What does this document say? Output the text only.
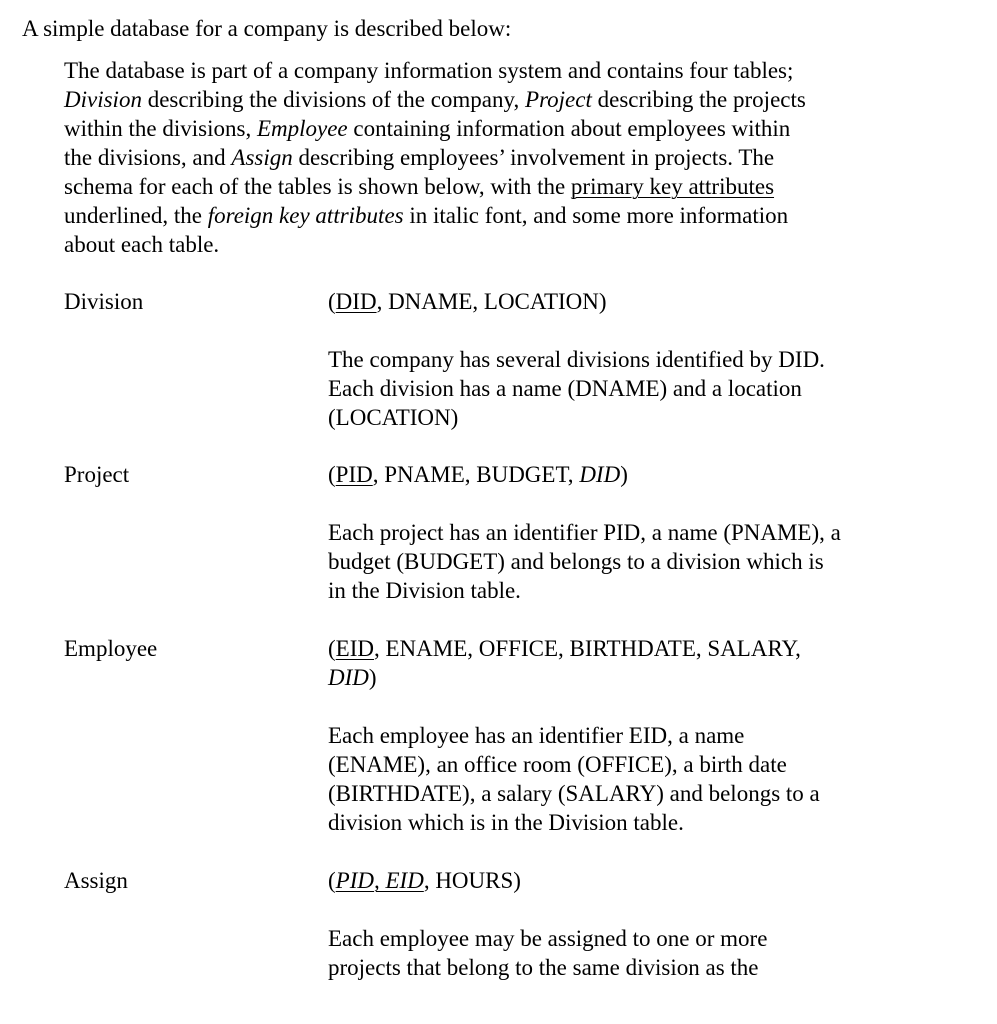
A simple database for a company is described below:

The database is part of a company information system and contains four tables;

Division describing the divisions of the company, Project describing the projects

within the divisions, Employee containing information about employees within

the divisions, and Assign describing employees’ involvement in projects. The

schema for each of the tables is shown below, with the primary key attributes

underlined, the foreign key attributes in italic font, and some more information

about each table.

Division	(DID, DNAME, LOCATION)

The company has several divisions identified by DID.

Each division has a name (DNAME) and a location

(LOCATION)

Project	(PID, PNAME, BUDGET, DID)

Each project has an identifier PID, a name (PNAME), a

budget (BUDGET) and belongs to a division which is

in the Division table.

Employee	(EID, ENAME, OFFICE, BIRTHDATE, SALARY,

DID)

Each employee has an identifier EID, a name

(ENAME), an office room (OFFICE), a birth date

(BIRTHDATE), a salary (SALARY) and belongs to a

division which is in the Division table.

Assign	(PID, EID, HOURS)

Each employee may be assigned to one or more

projects that belong to the same division as the
